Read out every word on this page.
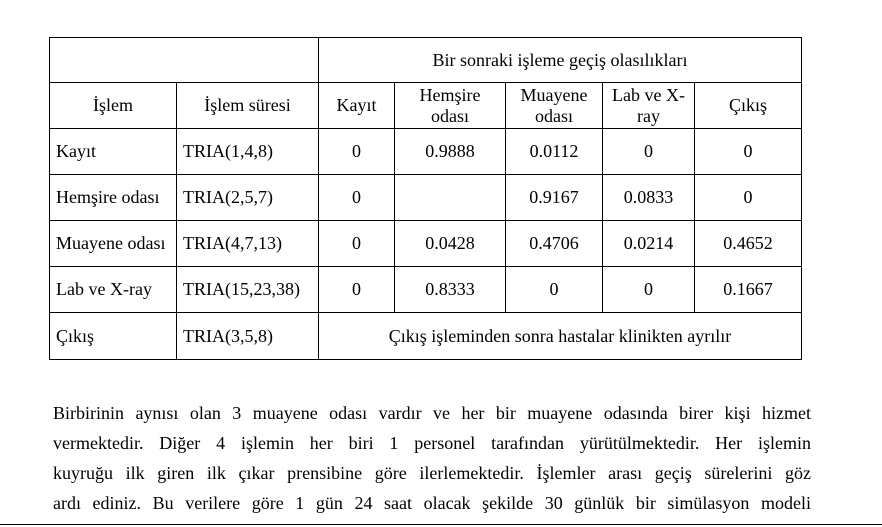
		Bir sonraki işleme geçiş olasılıkları				
İşlem	İşlem süresi	Kayıt	Hemşire odası	Muayene odası	Lab ve X-ray	Çıkış
Kayıt	TRIA(1,4,8)	0	0.9888	0.0112	0	0
Hemşire odası	TRIA(2,5,7)	0		0.9167	0.0833	0
Muayene odası	TRIA(4,7,13)	0	0.0428	0.4706	0.0214	0.4652
Lab ve X-ray	TRIA(15,23,38)	0	0.8333	0	0	0.1667
Çıkış	TRIA(3,5,8)	Çıkış işleminden sonra hastalar klinikten ayrılır				
Birbirinin aynısı olan 3 muayene odası vardır ve her bir muayene odasında birer kişi hizmet
vermektedir. Diğer 4 işlemin her biri 1 personel tarafından yürütülmektedir. Her işlemin
kuyruğu ilk giren ilk çıkar prensibine göre ilerlemektedir. İşlemler arası geçiş sürelerini göz
ardı ediniz. Bu verilere göre 1 gün 24 saat olacak şekilde 30 günlük bir simülasyon modeli
